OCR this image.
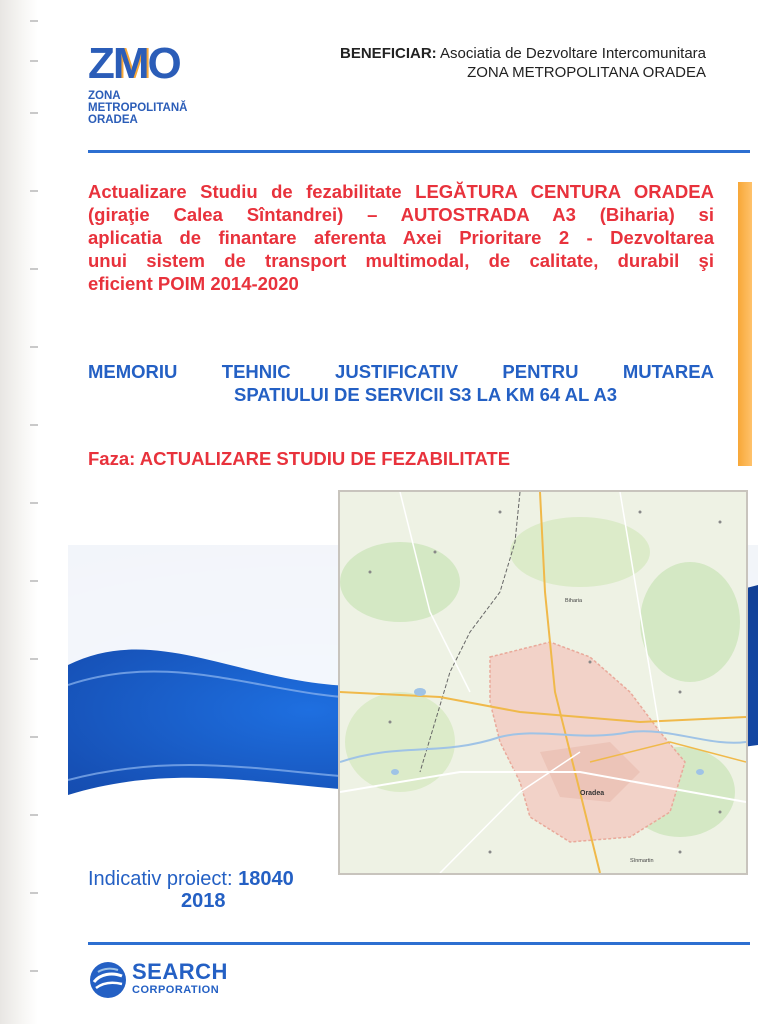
ZMO
ZONA
METROPOLITANĂ
ORADEA
BENEFICIAR: Asociatia de Dezvoltare Intercomunitara
ZONA METROPOLITANA ORADEA
Actualizare Studiu de fezabilitate LEGĂTURA CENTURA ORADEA
(giraţie Calea Sîntandrei) – AUTOSTRADA A3 (Biharia) si
aplicatia de finantare aferenta Axei Prioritare 2 - Dezvoltarea
unui sistem de transport multimodal, de calitate, durabil şi
eficient POIM 2014-2020
MEMORIU TEHNIC JUSTIFICATIV PENTRU MUTAREA
SPATIULUI DE SERVICII S3 LA KM 64 AL A3
Faza: ACTUALIZARE STUDIU DE FEZABILITATE
Oradea
Biharia
Sînmartin
Indicativ proiect: 18040
2018
SEARCH
CORPORATION
